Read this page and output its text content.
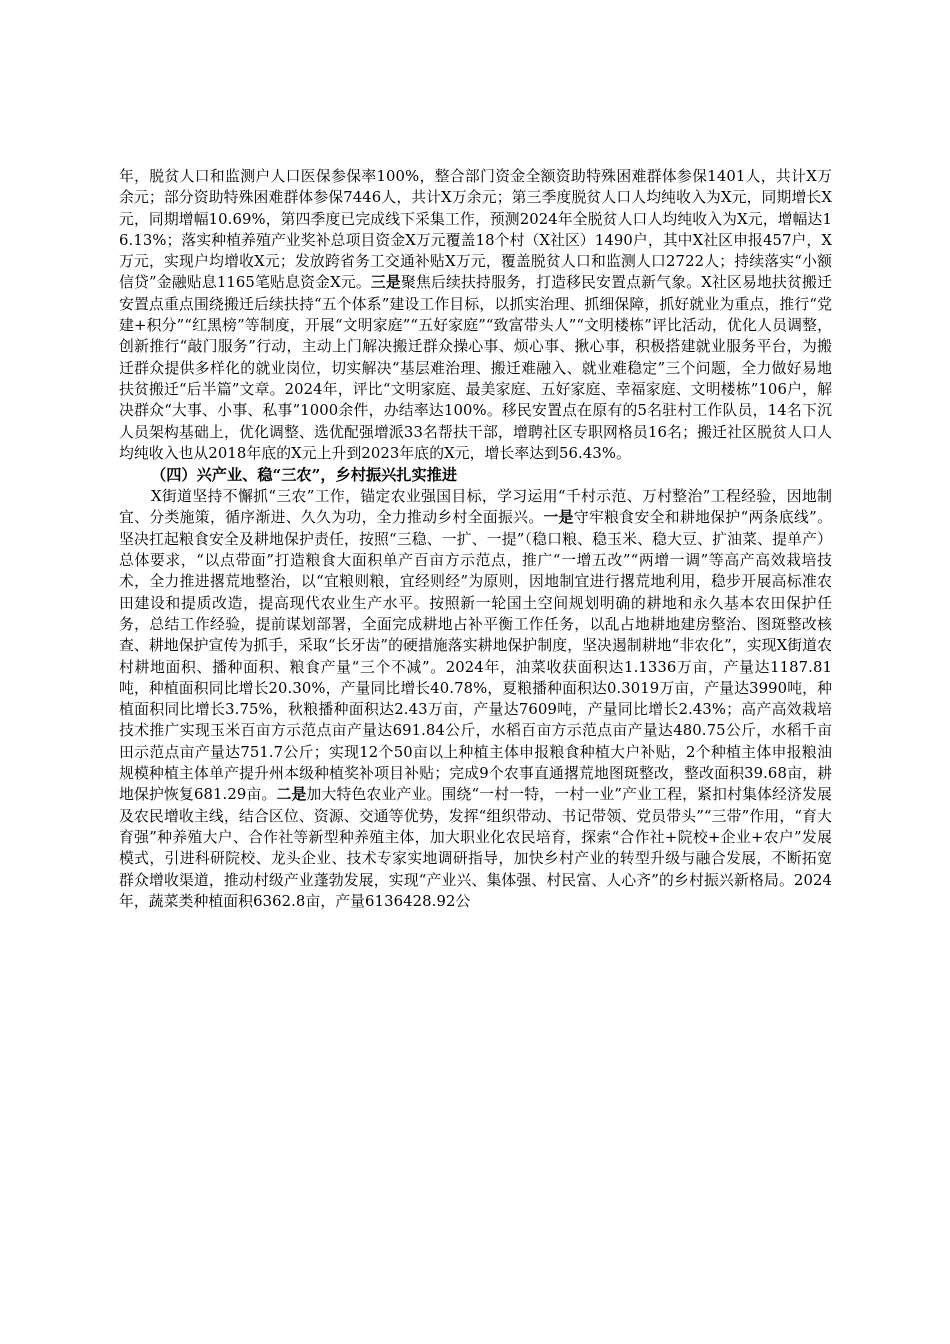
年，脱贫人口和监测户人口医保参保率100%，整合部门资金全额资助特殊困难群体参保1401人，共计X万余元；部分资助特殊困难群体参保7446人，共计X万余元；第三季度脱贫人口人均纯收入为X元，同期增长X元，同期增幅10.69%，第四季度已完成线下采集工作，预测2024年全脱贫人口人均纯收入为X元，增幅达16.13%；落实种植养殖产业奖补总项目资金X万元覆盖18个村（X社区）1490户，其中X社区申报457户，X万元，实现户均增收X元；发放跨省务工交通补贴X万元，覆盖脱贫人口和监测人口2722人；持续落实“小额信贷”金融贴息1165笔贴息资金X元。三是聚焦后续扶持服务，打造移民安置点新气象。X社区易地扶贫搬迁安置点重点围绕搬迁后续扶持“五个体系”建设工作目标，以抓实治理、抓细保障，抓好就业为重点，推行“党建+积分”“红黑榜”等制度，开展“文明家庭”“五好家庭”“致富带头人”“文明楼栋”评比活动，优化人员调整，创新推行“敲门服务”行动，主动上门解决搬迁群众操心事、烦心事、揪心事，积极搭建就业服务平台，为搬迁群众提供多样化的就业岗位，切实解决“基层难治理、搬迁难融入、就业难稳定”三个问题，全力做好易地扶贫搬迁“后半篇”文章。2024年，评比“文明家庭、最美家庭、五好家庭、幸福家庭、文明楼栋”106户，解决群众“大事、小事、私事”1000余件，办结率达100%。移民安置点在原有的5名驻村工作队员，14名下沉人员架构基础上，优化调整、选优配强增派33名帮扶干部，增聘社区专职网格员16名；搬迁社区脱贫人口人均纯收入也从2018年底的X元上升到2023年底的X元，增长率达到56.43%。

（四）兴产业、稳“三农”，乡村振兴扎实推进

X街道坚持不懈抓“三农”工作，锚定农业强国目标，学习运用“千村示范、万村整治”工程经验，因地制宜、分类施策，循序渐进、久久为功，全力推动乡村全面振兴。一是守牢粮食安全和耕地保护“两条底线”。坚决扛起粮食安全及耕地保护责任，按照“三稳、一扩、一提”（稳口粮、稳玉米、稳大豆、扩油菜、提单产）总体要求，“以点带面”打造粮食大面积单产百亩方示范点，推广“一增五改”“两增一调”等高产高效栽培技术，全力推进撂荒地整治，以“宜粮则粮，宜经则经”为原则，因地制宜进行撂荒地利用，稳步开展高标准农田建设和提质改造，提高现代农业生产水平。按照新一轮国土空间规划明确的耕地和永久基本农田保护任务，总结工作经验，提前谋划部署，全面完成耕地占补平衡工作任务，以乱占地耕地建房整治、图斑整改核查、耕地保护宣传为抓手，采取“长牙齿”的硬措施落实耕地保护制度，坚决遏制耕地“非农化”，实现X街道农村耕地面积、播种面积、粮食产量“三个不减”。2024年，油菜收获面积达1.1336万亩，产量达1187.81吨，种植面积同比增长20.30%，产量同比增长40.78%，夏粮播种面积达0.3019万亩，产量达3990吨，种植面积同比增长3.75%，秋粮播种面积达2.43万亩，产量达7609吨，产量同比增长2.43%；高产高效栽培技术推广实现玉米百亩方示范点亩产量达691.84公斤，水稻百亩方示范点亩产量达480.75公斤，水稻千亩田示范点亩产量达751.7公斤；实现12个50亩以上种植主体申报粮食种植大户补贴，2个种植主体申报粮油规模种植主体单产提升州本级种植奖补项目补贴；完成9个农事直通撂荒地图斑整改，整改面积39.68亩，耕地保护恢复681.29亩。二是加大特色农业产业。围绕“一村一特，一村一业”产业工程，紧扣村集体经济发展及农民增收主线，结合区位、资源、交通等优势，发挥“组织带动、书记带领、党员带头”“三带”作用，“育大育强”种养殖大户、合作社等新型种养殖主体，加大职业化农民培育，探索“合作社+院校+企业+农户”发展模式，引进科研院校、龙头企业、技术专家实地调研指导，加快乡村产业的转型升级与融合发展，不断拓宽群众增收渠道，推动村级产业蓬勃发展，实现“产业兴、集体强、村民富、人心齐”的乡村振兴新格局。2024年，蔬菜类种植面积6362.8亩，产量6136428.92公
